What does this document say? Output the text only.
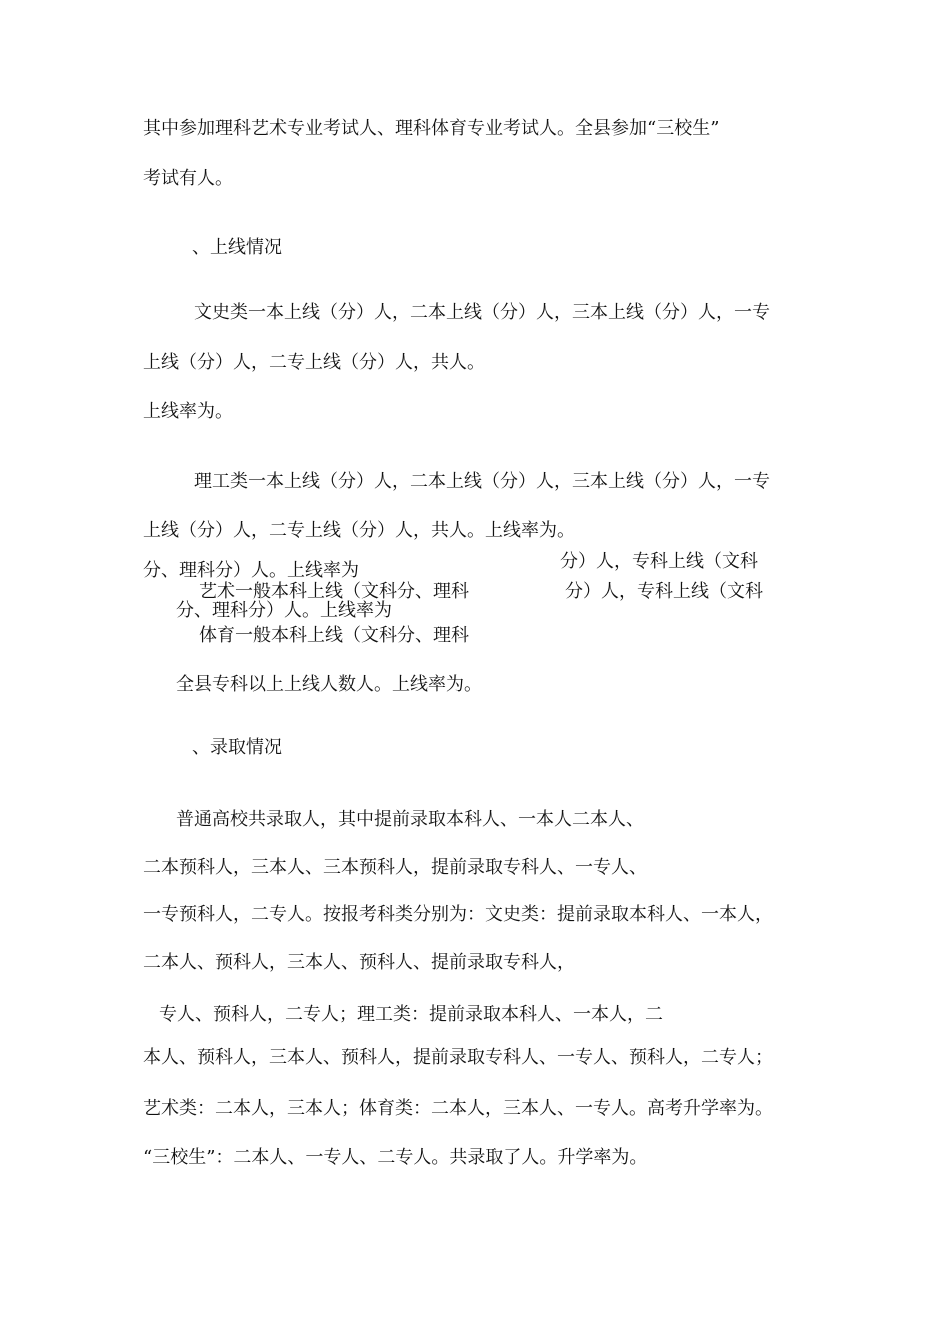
其中参加理科艺术专业考试人、理科体育专业考试人。全县参加“三校生”
考试有人。
、上线情况
文史类一本上线（分）人，二本上线（分）人，三本上线（分）人，一专
上线（分）人，二专上线（分）人，共人。
上线率为。
理工类一本上线（分）人，二本上线（分）人，三本上线（分）人，一专
上线（分）人，二专上线（分）人，共人。上线率为。
分）人，专科上线（文科
分、理科分）人。上线率为
艺术一般本科上线（文科分、理科	分）人，专科上线（文科
分、理科分）人。上线率为
体育一般本科上线（文科分、理科
全县专科以上上线人数人。上线率为。
、录取情况
普通高校共录取人，其中提前录取本科人、一本人二本人、
二本预科人，三本人、三本预科人，提前录取专科人、一专人、
一专预科人，二专人。按报考科类分别为：文史类：提前录取本科人、一本人，
二本人、预科人，三本人、预科人、提前录取专科人，
专人、预科人，二专人；理工类：提前录取本科人、一本人，二
本人、预科人，三本人、预科人，提前录取专科人、一专人、预科人，二专人；
艺术类：二本人，三本人；体育类：二本人，三本人、一专人。高考升学率为。
“三校生”：二本人、一专人、二专人。共录取了人。升学率为。
